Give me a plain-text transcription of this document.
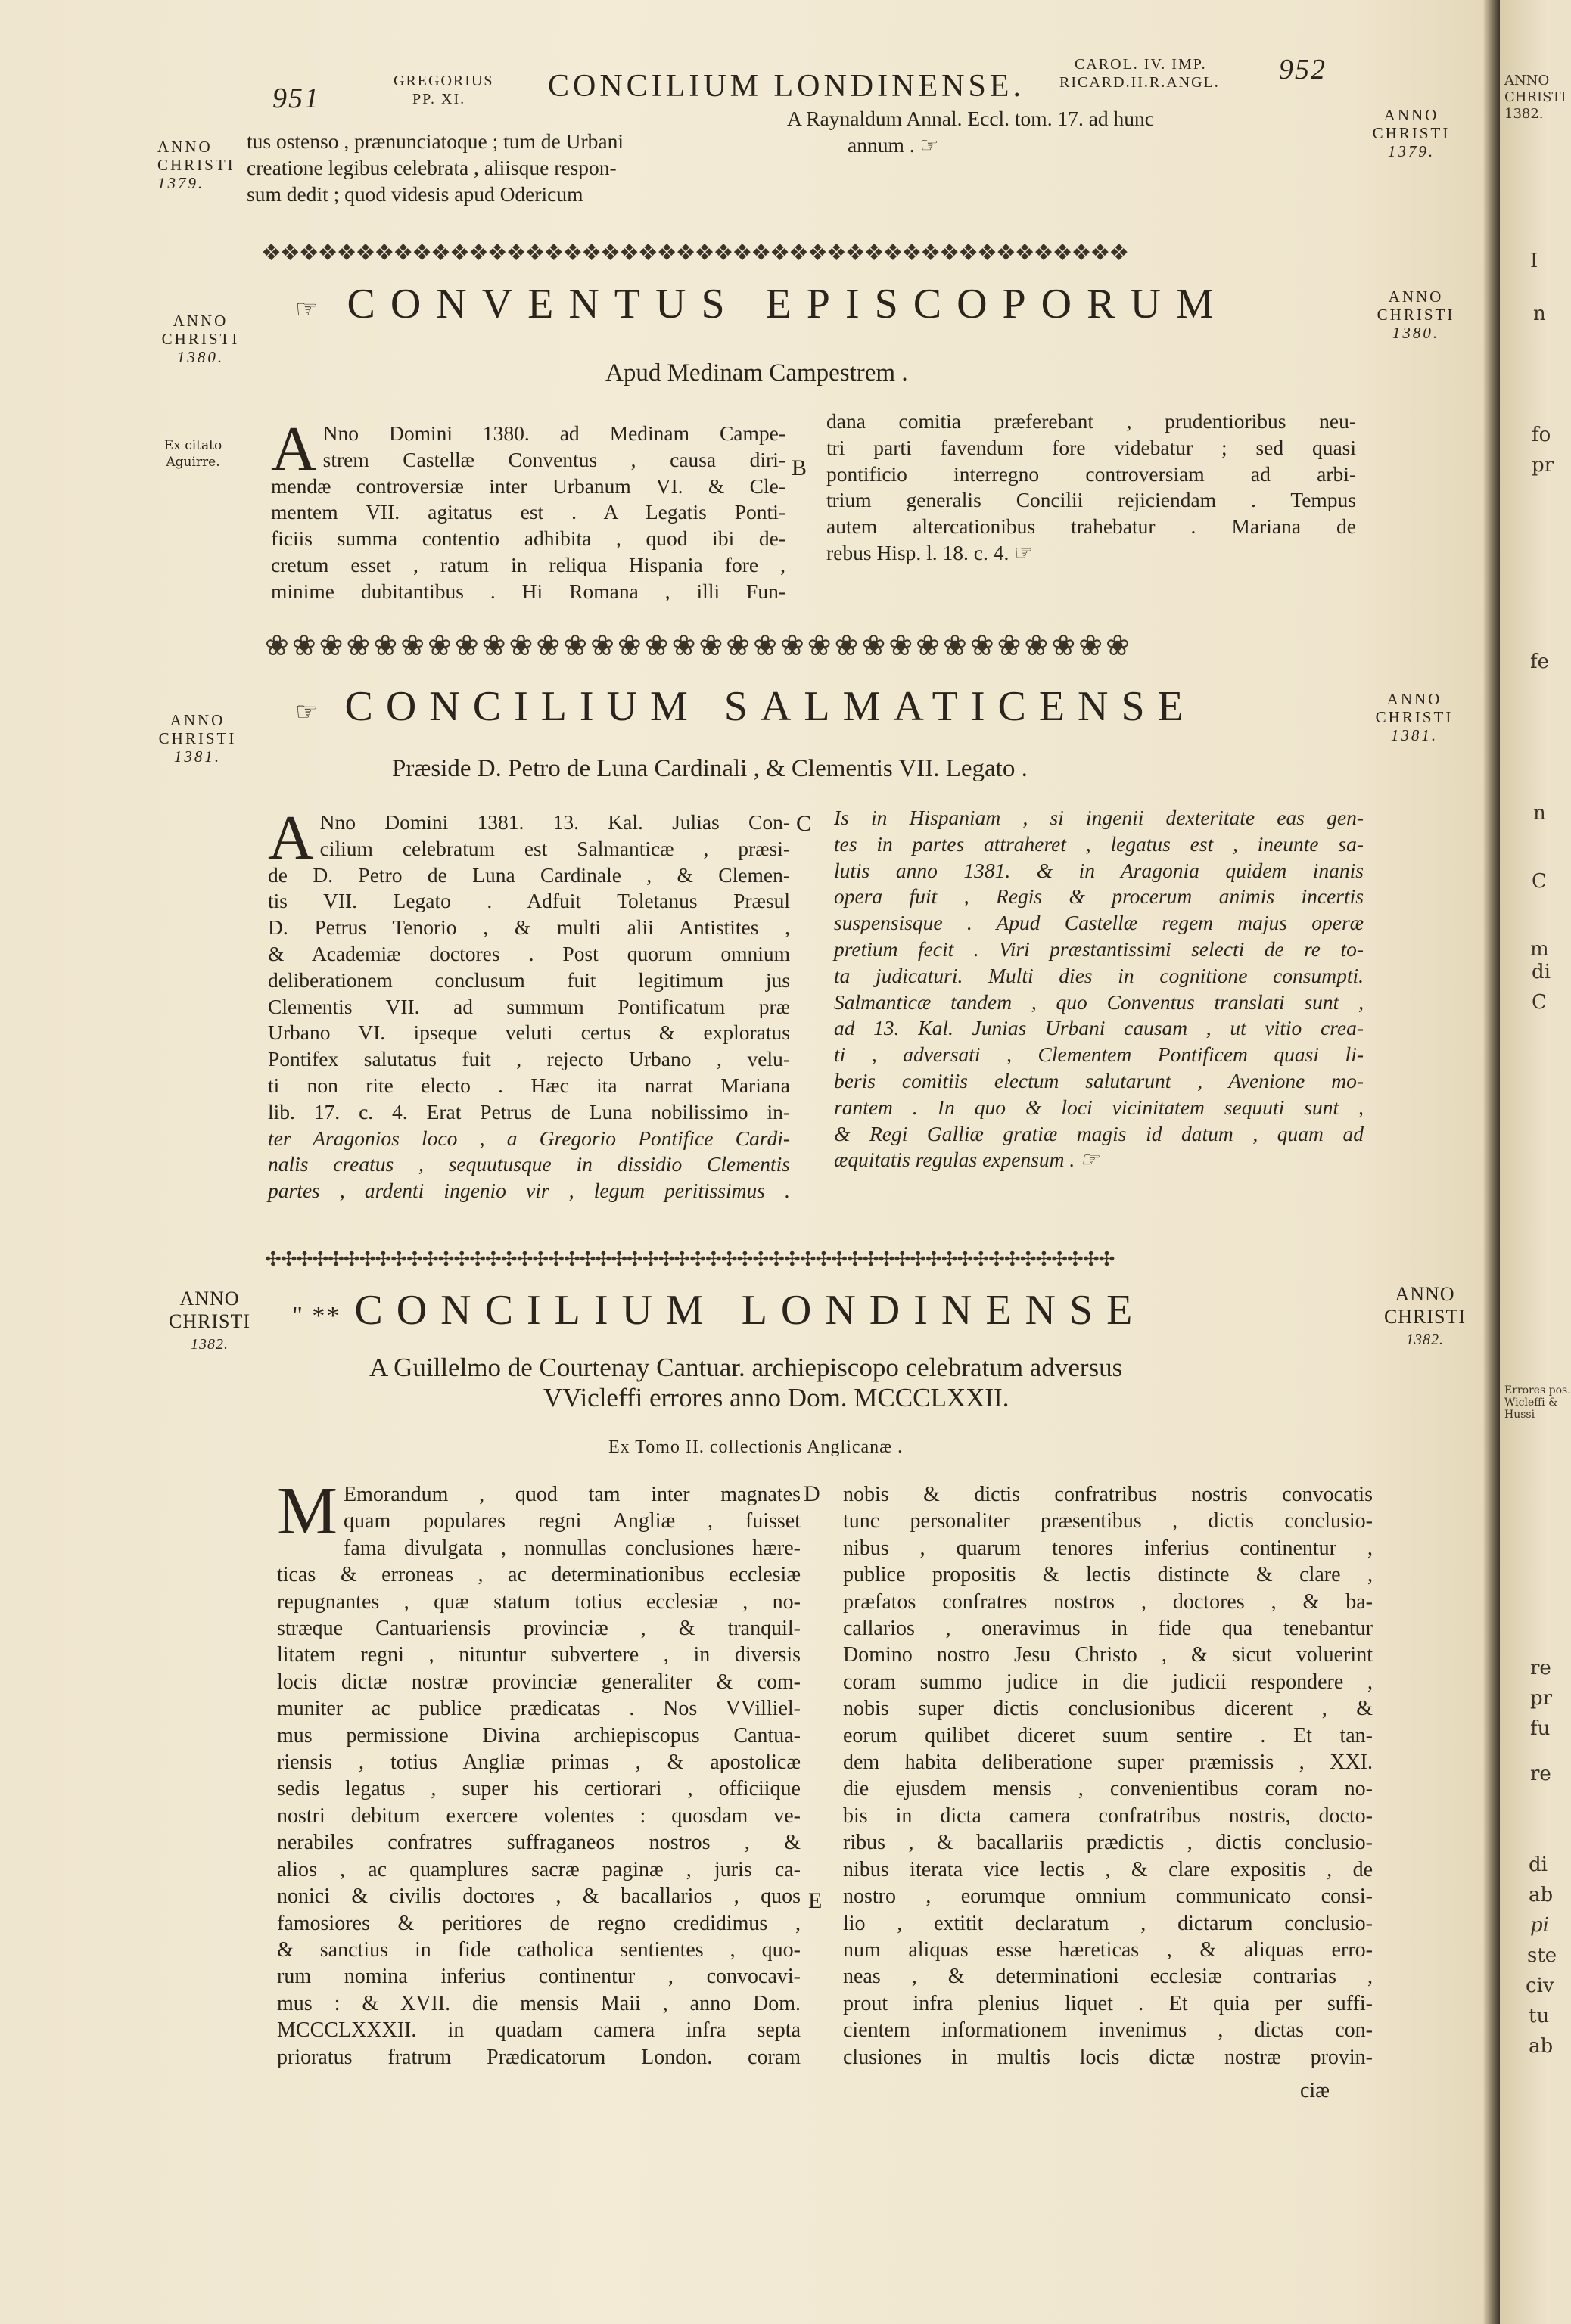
951
GREGORIUS
PP. XI.	CONCILIUM LONDINENSE.
CAROL. IV. IMP.
RICARD.II.R.ANGL. 952
ANNO
CHRISTI
1379.
ANNO
CHRISTI
1379.
tus ostenso , prænunciatoque ; tum de Urbani
creatione legibus celebrata , aliisque respon-
sum dedit ; quod videsis apud Odericum
A Raynaldum Annal. Eccl. tom. 17. ad hunc
annum . ☞
❖❖❖❖❖❖❖❖❖❖❖❖❖❖❖❖❖❖❖❖❖❖❖❖❖❖❖❖❖❖❖❖❖❖❖❖❖❖❖❖❖❖❖❖❖❖
ANNO
CHRISTI
1380.
ANNO
CHRISTI
1380.
☞ CONVENTUS EPISCOPORUM
Apud Medinam Campestrem .
Ex citato
Aguirre.	B
A Nno Domini 1380. ad Medinam Campe-
strem Castellæ Conventus , causa diri-
mendæ controversiæ inter Urbanum VI. & Cle-
mentem VII. agitatus est . A Legatis Ponti-
ficiis summa contentio adhibita , quod ibi de-
cretum esset , ratum in reliqua Hispania fore ,
minime dubitantibus . Hi Romana , illi Fun-
dana comitia præferebant , prudentioribus neu-
tri parti favendum fore videbatur ; sed quasi
pontificio interregno controversiam ad arbi-
trium generalis Concilii rejiciendam . Tempus
autem altercationibus trahebatur . Mariana de
rebus Hisp. l. 18. c. 4. ☞
❀❀❀❀❀❀❀❀❀❀❀❀❀❀❀❀❀❀❀❀❀❀❀❀❀❀❀❀❀❀❀❀
ANNO
CHRISTI
1381.
ANNO
CHRISTI
1381.
☞ CONCILIUM SALMATICENSE
Præside D. Petro de Luna Cardinali , & Clementis VII. Legato .
C
A Nno Domini 1381. 13. Kal. Julias Con-
cilium celebratum est Salmanticæ , præsi-
de D. Petro de Luna Cardinale , & Clemen-
tis VII. Legato . Adfuit Toletanus Præsul
D. Petrus Tenorio , & multi alii Antistites ,
& Academiæ doctores . Post quorum omnium
deliberationem conclusum fuit legitimum jus
Clementis VII. ad summum Pontificatum præ
Urbano VI. ipseque veluti certus & exploratus
Pontifex salutatus fuit , rejecto Urbano , velu-
ti non rite electo . Hæc ita narrat Mariana
lib. 17. c. 4. Erat Petrus de Luna nobilissimo in-
ter Aragonios loco , a Gregorio Pontifice Cardi-
nalis creatus , sequutusque in dissidio Clementis
partes , ardenti ingenio vir , legum peritissimus .
Is in Hispaniam , si ingenii dexteritate eas gen-
tes in partes attraheret , legatus est , ineunte sa-
lutis anno 1381. & in Aragonia quidem inanis
opera fuit , Regis & procerum animis incertis
suspensisque . Apud Castellæ regem majus operæ
pretium fecit . Viri præstantissimi selecti de re to-
ta judicaturi. Multi dies in cognitione consumpti.
Salmanticæ tandem , quo Conventus translati sunt ,
ad 13. Kal. Junias Urbani causam , ut vitio crea-
ti , adversati , Clementem Pontificem quasi li-
beris comitiis electum salutarunt , Avenione mo-
rantem . In quo & loci vicinitatem sequuti sunt ,
& Regi Galliæ gratiæ magis id datum , quam ad
æquitatis regulas expensum . ☞
✣✣✣✣✣✣✣✣✣✣✣✣✣✣✣✣✣✣✣✣✣✣✣✣✣✣✣✣✣✣✣✣✣✣✣✣✣✣✣✣✣✣✣✣✣✣✣✣✣✣✣✣✣✣
ANNO
CHRISTI
1382.
ANNO
CHRISTI
1382.
" ** CONCILIUM LONDINENSE
A Guillelmo de Courtenay Cantuar. archiepiscopo celebratum adversus
VVicleffi errores anno Dom. MCCCLXXII.
Ex Tomo II. collectionis Anglicanæ .
D
E
M Emorandum , quod tam inter magnates
quam populares regni Angliæ , fuisset
fama divulgata , nonnullas conclusiones hære-
ticas & erroneas , ac determinationibus ecclesiæ
repugnantes , quæ statum totius ecclesiæ , no-
stræque Cantuariensis provinciæ , & tranquil-
litatem regni , nituntur subvertere , in diversis
locis dictæ nostræ provinciæ generaliter & com-
muniter ac publice prædicatas . Nos VVilliel-
mus permissione Divina archiepiscopus Cantua-
riensis , totius Angliæ primas , & apostolicæ
sedis legatus , super his certiorari , officiique
nostri debitum exercere volentes : quosdam ve-
nerabiles confratres suffraganeos nostros , &
alios , ac quamplures sacræ paginæ , juris ca-
nonici & civilis doctores , & bacallarios , quos
famosiores & peritiores de regno credidimus ,
& sanctius in fide catholica sentientes , quo-
rum nomina inferius continentur , convocavi-
mus : & XVII. die mensis Maii , anno Dom.
MCCCLXXXII. in quadam camera infra septa
prioratus fratrum Prædicatorum London. coram
nobis & dictis confratribus nostris convocatis
tunc personaliter præsentibus , dictis conclusio-
nibus , quarum tenores inferius continentur ,
publice propositis & lectis distincte & clare ,
præfatos confratres nostros , doctores , & ba-
callarios , oneravimus in fide qua tenebantur
Domino nostro Jesu Christo , & sicut voluerint
coram summo judice in die judicii respondere ,
nobis super dictis conclusionibus dicerent , &
eorum quilibet diceret suum sentire . Et tan-
dem habita deliberatione super præmissis , XXI.
die ejusdem mensis , convenientibus coram no-
bis in dicta camera confratribus nostris, docto-
ribus , & bacallariis prædictis , dictis conclusio-
nibus iterata vice lectis , & clare expositis , de
nostro , eorumque omnium communicato consi-
lio , extitit declaratum , dictarum conclusio-
num aliquas esse hæreticas , & aliquas erro-
neas , & determinationi ecclesiæ contrarias ,
prout infra plenius liquet . Et quia per suffi-
cientem informationem invenimus , dictas con-
clusiones in multis locis dictæ nostræ provin-
ciæ
ANNO
CHRISTI
1382.
I
n
fo
pr
fe
n
C
m
di
C
Errores pos.
Wicleffi &
Hussi
re
pr
fu
re
di
ab
pi
ste
civ
tu
ab
